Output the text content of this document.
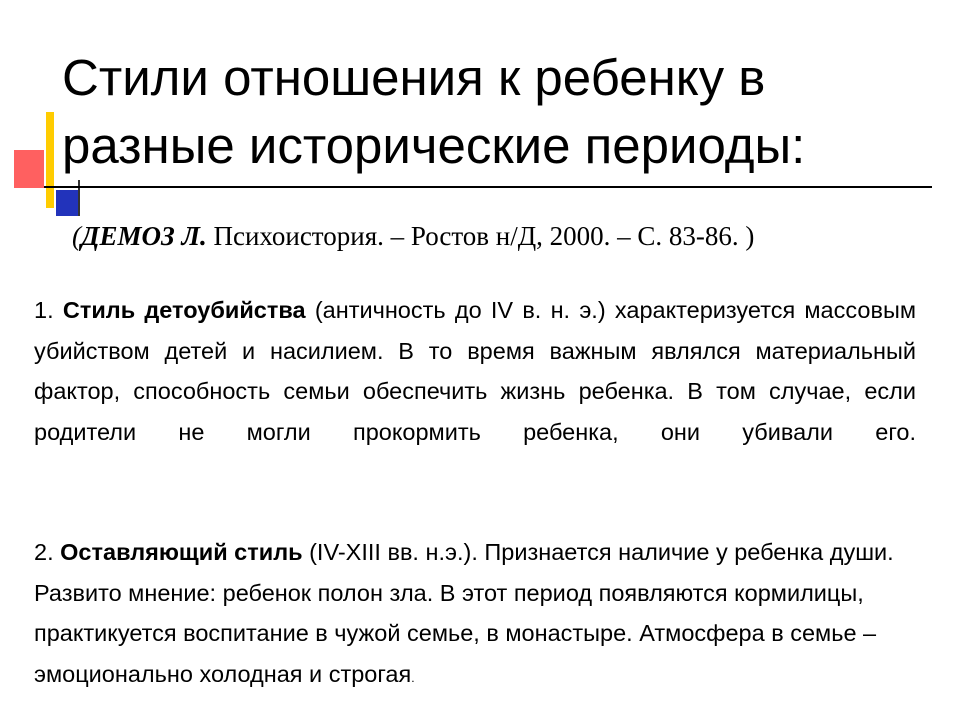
Стили отношения к ребенку в
разные исторические периоды:
(ДЕМОЗ Л. Психоистория. – Ростов н/Д, 2000. – С. 83-86. )

1. Стиль детоубийства (античность до IV в. н. э.) характеризуется массовым убийством детей и насилием. В то время важным являлся материальный фактор, способность семьи обеспечить жизнь ребенка. В том случае, если родители не могли прокормить ребенка, они убивали его.

2. Оставляющий стиль (IV-XIII вв. н.э.). Признается наличие у ребенка души. Развито мнение: ребенок полон зла. В этот период появляются кормилицы, практикуется воспитание в чужой семье, в монастыре. Атмосфера в семье – эмоционально холодная и строгая.
